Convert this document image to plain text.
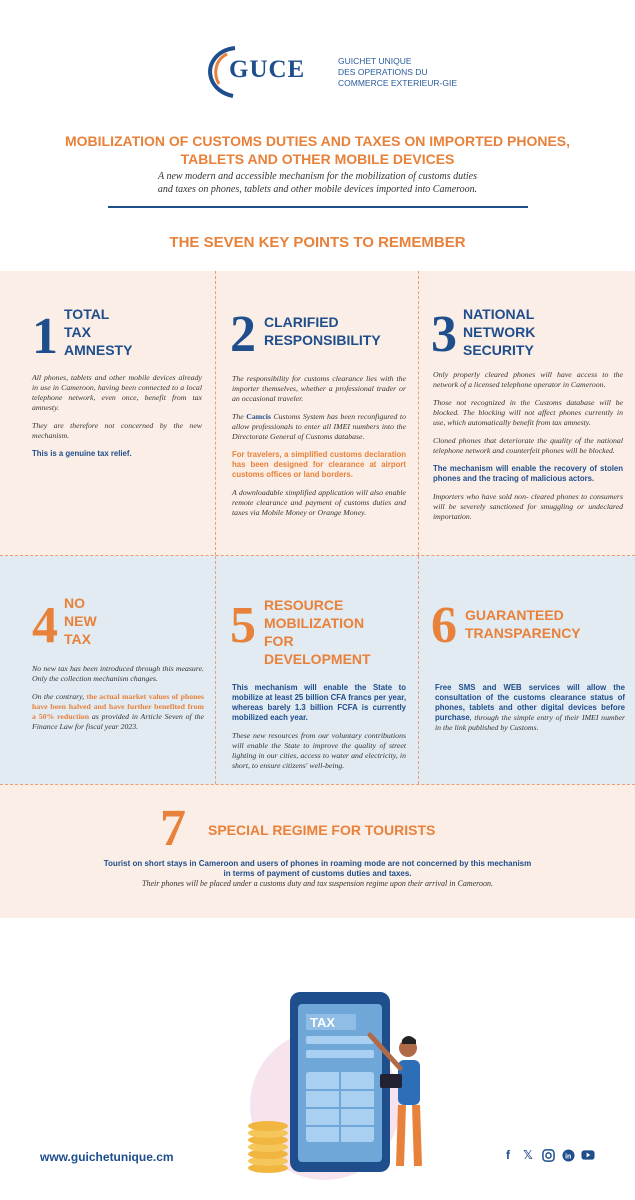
GUCE	GUICHET UNIQUE
DES OPERATIONS DU
COMMERCE EXTERIEUR-GIE
MOBILIZATION OF CUSTOMS DUTIES AND TAXES ON IMPORTED PHONES,
TABLETS AND OTHER MOBILE DEVICES
A new modern and accessible mechanism for the mobilization of customs duties
and taxes on phones, tablets and other mobile devices imported into Cameroon.
THE SEVEN KEY POINTS TO REMEMBER
1 TOTAL
TAX
AMNESTY

All phones, tablets and other mobile devices already in use in Cameroon, having been connected to a local telephone network, even once, benefit from tax amnesty.

They are therefore not concerned by the new mechanism.

This is a genuine tax relief.

2 CLARIFIED
RESPONSIBILITY

The responsibility for customs clearance lies with the importer themselves, whether a professional trader or an occasional traveler.

The Camcis Customs System has been reconfigured to allow professionals to enter all IMEI numbers into the Directorate General of Customs database.

For travelers, a simplified customs declaration has been designed for clearance at airport customs offices or land borders.

A downloadable simplified application will also enable remote clearance and payment of customs duties and taxes via Mobile Money or Orange Money.

3 NATIONAL
NETWORK
SECURITY

Only properly cleared phones will have access to the network of a licensed telephone operator in Cameroon.

Those not recognized in the Customs database will be blocked. The blocking will not affect phones currently in use, which automatically benefit from tax amnesty.

Cloned phones that deteriorate the quality of the national telephone network and counterfeit phones will be blocked.

The mechanism will enable the recovery of stolen phones and the tracing of malicious actors.

Importers who have sold non- cleared phones to consumers will be severely sanctioned for smuggling or undeclared importation.

4 NO
NEW
TAX

No new tax has been introduced through this measure. Only the collection mechanism changes.

On the contrary, the actual market values of phones have been halved and have further benefited from a 50% reduction as provided in Article Seven of the Finance Law for fiscal year 2023.

5 RESOURCE
MOBILIZATION
FOR
DEVELOPMENT

This mechanism will enable the State to mobilize at least 25 billion CFA francs per year, whereas barely 1.3 billion FCFA is currently mobilized each year.

These new resources from our voluntary contributions will enable the State to improve the quality of street lighting in our cities, access to water and electricity, in short, to ensure citizens' well-being.

6 GUARANTEED
TRANSPARENCY

Free SMS and WEB services will allow the consultation of the customs clearance status of phones, tablets and other digital devices before purchase, through the simple entry of their IMEI number in the link published by Customs.

7 SPECIAL REGIME FOR TOURISTS
Tourist on short stays in Cameroon and users of phones in roaming mode are not concerned by this mechanism
in terms of payment of customs duties and taxes.
Their phones will be placed under a customs duty and tax suspension regime upon their arrival in Cameroon.
TAX
www.guichetunique.cm	f	𝕏	in
